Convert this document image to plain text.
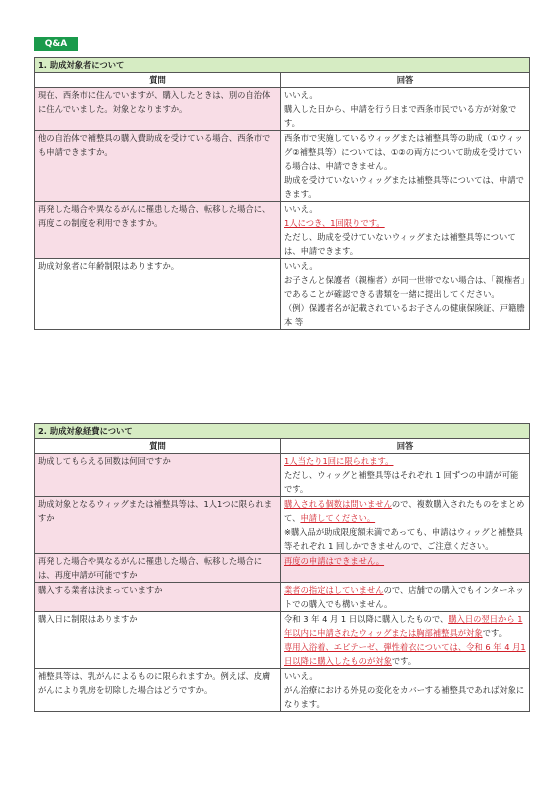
Q&A
1. 助成対象者について	
質問	回答
現在、西条市に住んでいますが、購入したときは、別の自治体に住んでいました。対象となりますか。	いいえ。
購入した日から、申請を行う日まで西条市民でいる方が対象です。

他の自治体で補整具の購入費助成を受けている場合、西条市でも申請できますか。	西条市で実施しているウィッグまたは補整具等の助成（①ウィッグ②補整具等）については、①②の両方について助成を受けている場合は、申請できません。
助成を受けていないウィッグまたは補整具等については、申請できます。

再発した場合や異なるがんに罹患した場合、転移した場合に、再度この制度を利用できますか。	いいえ。
1人につき、1回限りです。
ただし、助成を受けていないウィッグまたは補整具等については、申請できます。

助成対象者に年齢制限はありますか。	いいえ。
お子さんと保護者（親権者）が同一世帯でない場合は、「親権者」であることが確認できる書類を一緒に提出してください。
（例）保護者名が記載されているお子さんの健康保険証、戸籍謄本 等
2. 助成対象経費について	
質問	回答
助成してもらえる回数は何回ですか	1人当たり1回に限られます。
ただし、ウィッグと補整具等はそれぞれ 1 回ずつの申請が可能です。

助成対象となるウィッグまたは補整具等は、1人1つに限られますか	購入される個数は問いませんので、複数購入されたものをまとめて、申請してください。
※購入品が助成限度額未満であっても、申請はウィッグと補整具等それぞれ 1 回しかできませんので、ご注意ください。

再発した場合や異なるがんに罹患した場合、転移した場合には、再度申請が可能ですか	再度の申請はできません。

購入する業者は決まっていますか	業者の指定はしていませんので、店舗での購入でもインターネットでの購入でも構いません。

購入日に制限はありますか	令和 3 年 4 月 1 日以降に購入したもので、購入日の翌日から 1 年以内に申請されたウィッグまたは胸部補整具が対象です。
専用入浴着、エピテーゼ、弾性着衣については、令和 6 年 4 月1日以降に購入したものが対象です。

補整具等は、乳がんによるものに限られますか。例えば、皮膚がんにより乳房を切除した場合はどうですか。	いいえ。
がん治療における外見の変化をカバーする補整具であれば対象になります。
